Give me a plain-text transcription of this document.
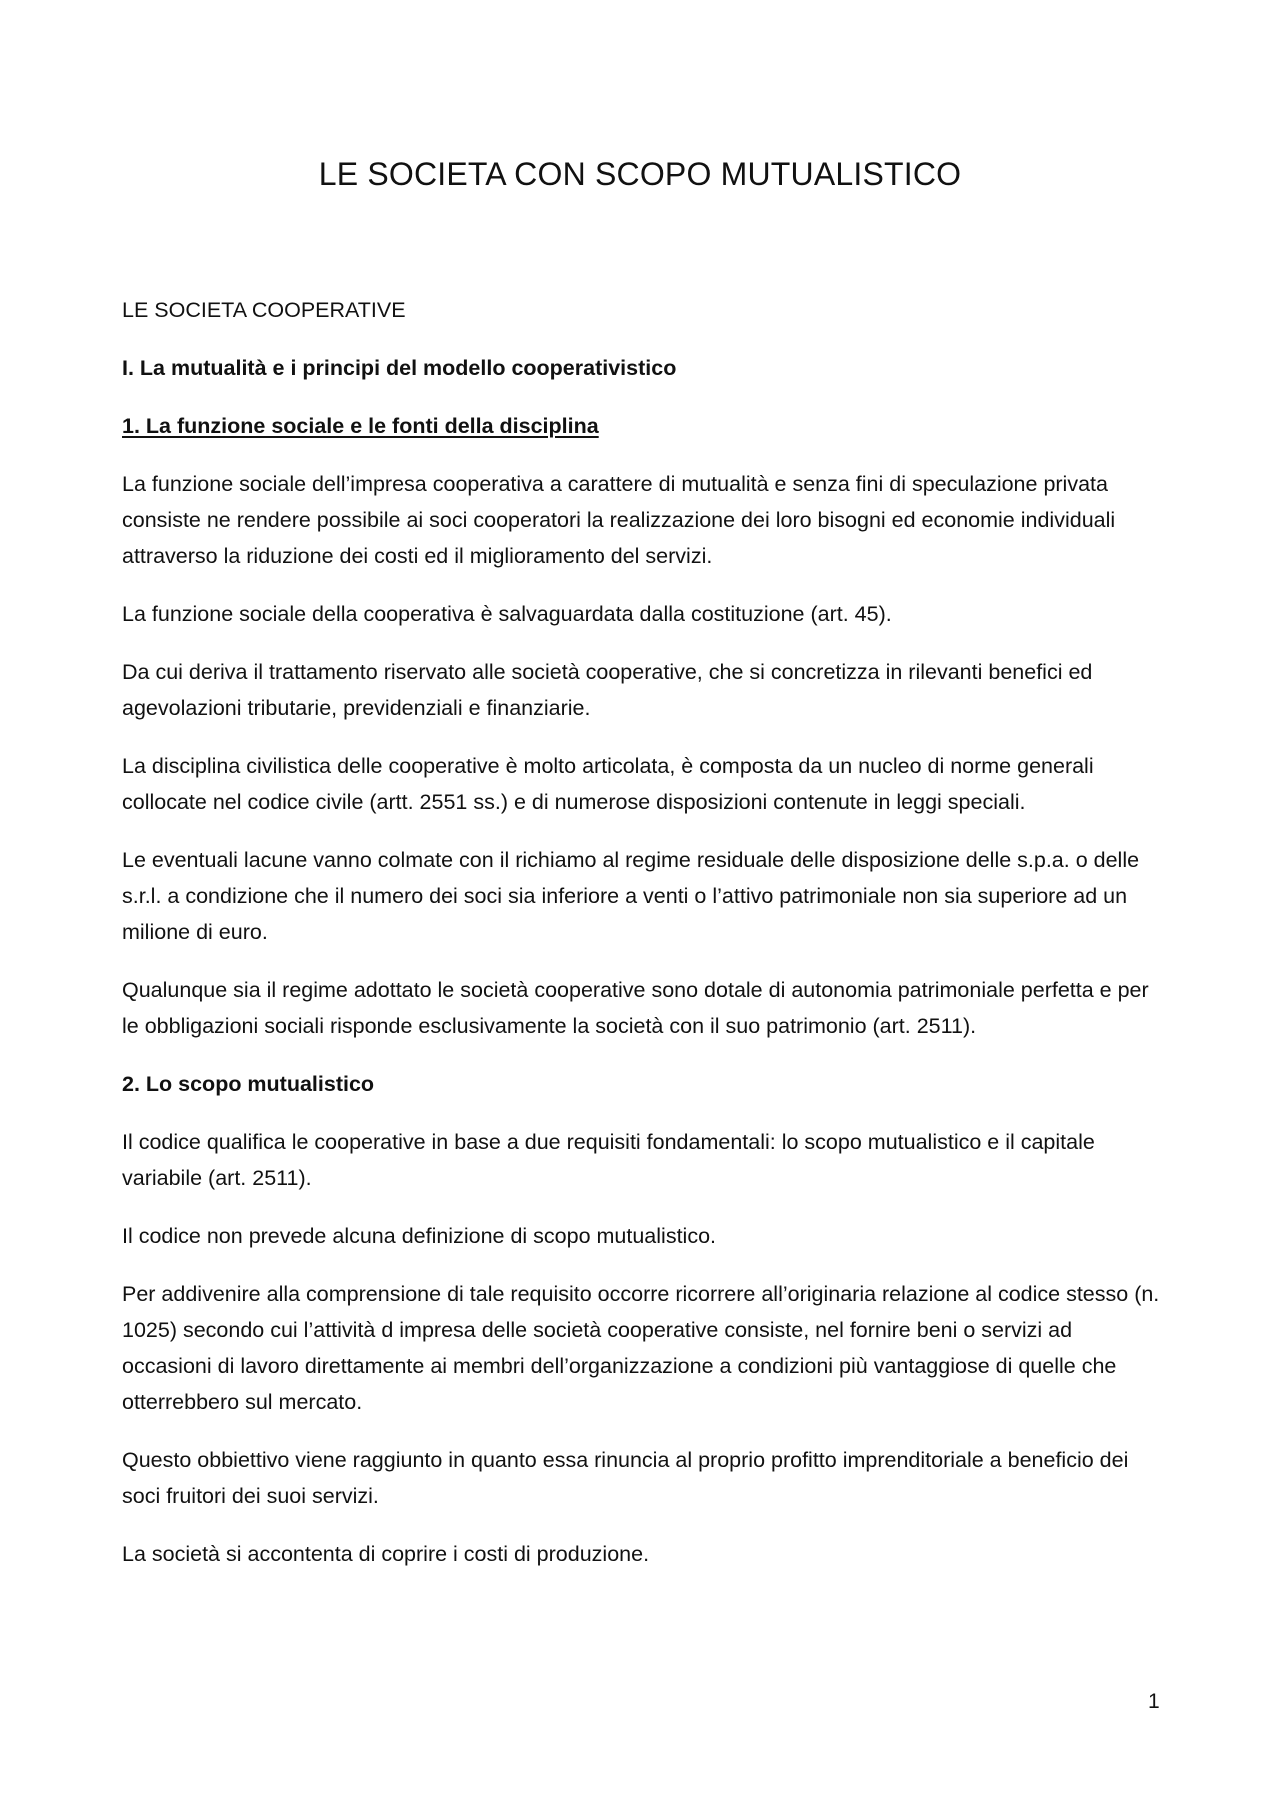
LE SOCIETA CON SCOPO MUTUALISTICO

LE SOCIETA COOPERATIVE

I. La mutualità e i principi del modello cooperativistico

1. La funzione sociale e le fonti della disciplina

La funzione sociale dell’impresa cooperativa a carattere di mutualità e senza fini di speculazione privata consiste ne rendere possibile ai soci cooperatori la realizzazione dei loro bisogni ed economie individuali attraverso la riduzione dei costi ed il miglioramento del servizi.

La funzione sociale della cooperativa è salvaguardata dalla costituzione (art. 45).

Da cui deriva il trattamento riservato alle società cooperative, che si concretizza in rilevanti benefici ed agevolazioni tributarie, previdenziali e finanziarie.

La disciplina civilistica delle cooperative è molto articolata, è composta da un nucleo di norme generali collocate nel codice civile (artt. 2551 ss.) e di numerose disposizioni contenute in leggi speciali.

Le eventuali lacune vanno colmate con il richiamo al regime residuale delle disposizione delle s.p.a. o delle s.r.l. a condizione che il numero dei soci sia inferiore a venti o l’attivo patrimoniale non sia superiore ad un milione di euro.

Qualunque sia il regime adottato le società cooperative sono dotale di autonomia patrimoniale perfetta e per le obbligazioni sociali risponde esclusivamente la società con il suo patrimonio (art. 2511).

2. Lo scopo mutualistico

Il codice qualifica le cooperative in base a due requisiti fondamentali: lo scopo mutualistico e il capitale variabile (art. 2511).

Il codice non prevede alcuna definizione di scopo mutualistico.

Per addivenire alla comprensione di tale requisito occorre ricorrere all’originaria relazione al codice stesso (n. 1025) secondo cui l’attività d impresa delle società cooperative consiste, nel fornire beni o servizi ad occasioni di lavoro direttamente ai membri dell’organizzazione a condizioni più vantaggiose di quelle che otterrebbero sul mercato.

Questo obbiettivo viene raggiunto in quanto essa rinuncia al proprio profitto imprenditoriale a beneficio dei soci fruitori dei suoi servizi.

La società si accontenta di coprire i costi di produzione.

1
